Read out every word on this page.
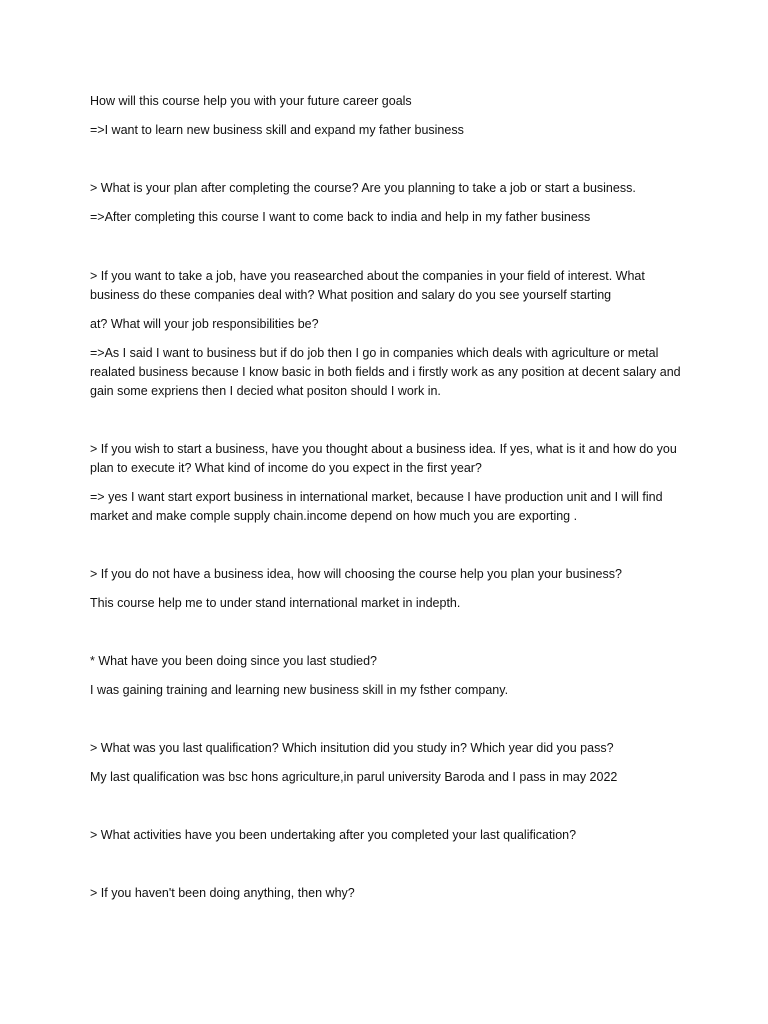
How will this course help you with your future career goals
=>I want to learn new business skill and expand my father business
> What is your plan after completing the course? Are you planning to take a job or start a business.
=>After completing this course I want to come back to india and help in my father business
> If you want to take a job, have you reasearched about the companies in your field of interest. What business do these companies deal with? What position and salary do you see yourself starting
at? What will your job responsibilities be?
=>As I said I want to business but if do job then I go in companies which deals with agriculture or metal realated business because I know basic in both fields and i firstly work as any position at decent salary and gain some expriens then I decied what positon should I work in.
> If you wish to start a business, have you thought about a business idea. If yes, what is it and how do you plan to execute it? What kind of income do you expect in the first year?
=> yes I want start export business in international market, because I have production unit and I will find market and make comple supply chain.income depend on how much you are exporting .
> If you do not have a business idea, how will choosing the course help you plan your business?
This course help me to under stand international market in indepth.
* What have you been doing since you last studied?
I was gaining training and learning new business skill in my fsther company.
> What was you last qualification? Which insitution did you study in? Which year did you pass?
My last qualification was bsc hons agriculture,in parul university Baroda and I pass in may 2022
> What activities have you been undertaking after you completed your last qualification?
> If you haven't been doing anything, then why?
